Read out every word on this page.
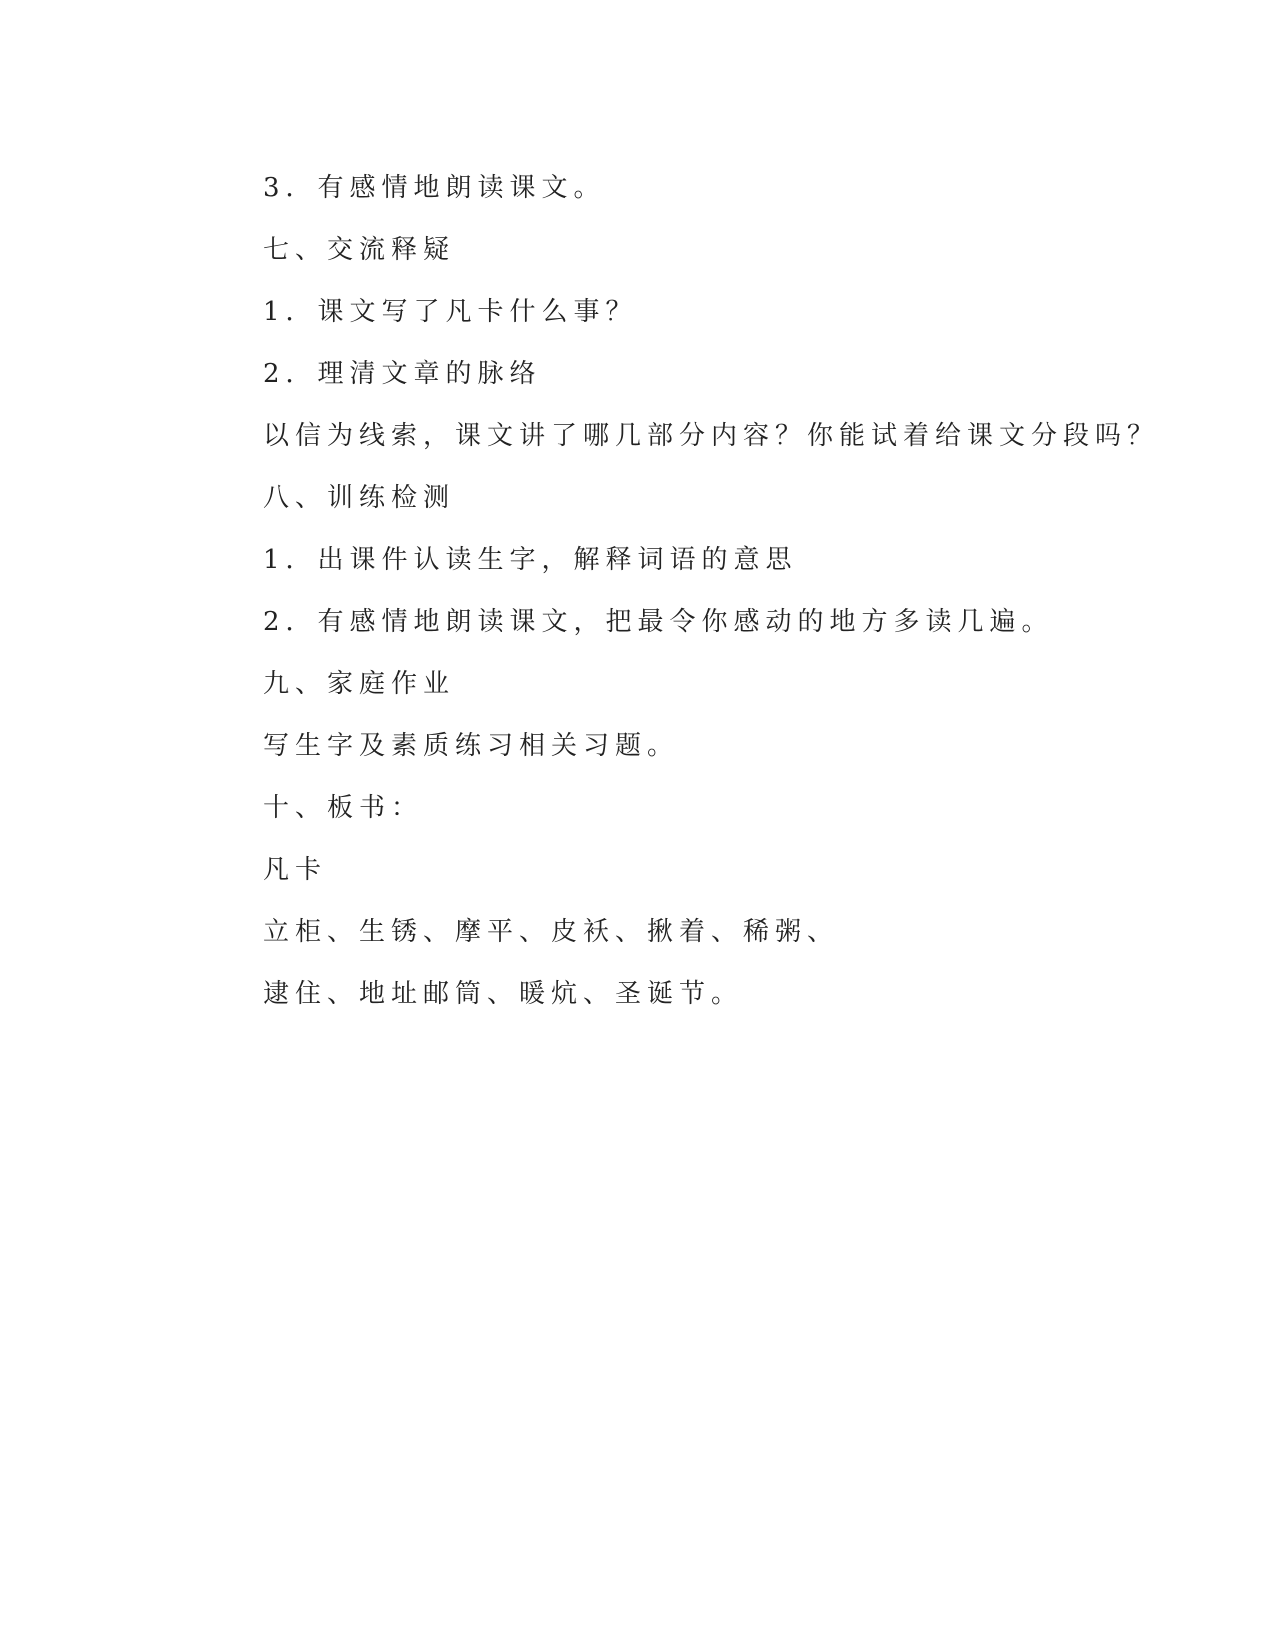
3．有感情地朗读课文。
七、交流释疑
1．课文写了凡卡什么事？
2．理清文章的脉络
以信为线索，课文讲了哪几部分内容？你能试着给课文分段吗？
八、训练检测
1．出课件认读生字，解释词语的意思
2．有感情地朗读课文，把最令你感动的地方多读几遍。
九、家庭作业
写生字及素质练习相关习题。
十、板书：
凡卡
立柜、生锈、摩平、皮袄、揪着、稀粥、
逮住、地址邮筒、暖炕、圣诞节。
